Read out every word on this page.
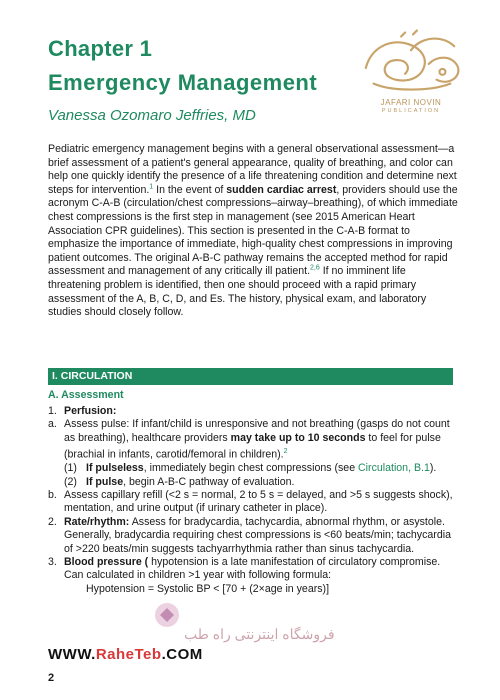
Chapter 1
Emergency Management
Vanessa Ozomaro Jeffries, MD
JAFARI NOVIN
PUBLICATION
Pediatric emergency management begins with a general observational assessment—a brief assessment of a patient's general appearance, quality of breathing, and color can help one quickly identify the presence of a life threatening condition and determine next steps for intervention.$^1$ In the event of sudden cardiac arrest, providers should use the acronym C-A-B (circulation/chest compressions–airway–breathing), of which immediate chest compressions is the first step in management (see 2015 American Heart Association CPR guidelines). This section is presented in the C-A-B format to emphasize the importance of immediate, high-quality chest compressions in improving patient outcomes. The original A-B-C pathway remains the accepted method for rapid assessment and management of any critically ill patient.$^{2,6}$ If no imminent life threatening problem is identified, then one should proceed with a rapid primary assessment of the A, B, C, D, and Es. The history, physical exam, and laboratory studies should closely follow.
I. CIRCULATION
A. Assessment
1. Perfusion:
a. Assess pulse: If infant/child is unresponsive and not breathing (gasps do not count as breathing), healthcare providers may take up to 10 seconds to feel for pulse (brachial in infants, carotid/femoral in children).$^2$
(1) If pulseless, immediately begin chest compressions (see Circulation, B.1).
(2) If pulse, begin A-B-C pathway of evaluation.
b. Assess capillary refill (<2 s = normal, 2 to 5 s = delayed, and >5 s suggests shock), mentation, and urine output (if urinary catheter in place).
2. Rate/rhythm: Assess for bradycardia, tachycardia, abnormal rhythm, or asystole. Generally, bradycardia requiring chest compressions is <60 beats/min; tachycardia of >220 beats/min suggests tachyarrhythmia rather than sinus tachycardia.
3. Blood pressure ( hypotension is a late manifestation of circulatory compromise. Can calculated in children >1 year with following formula:
Hypotension = Systolic BP < [70 + (2×age in years)]
فروشگاه اینترنتی راه طب
WWW.RaheTeb.COM
2
